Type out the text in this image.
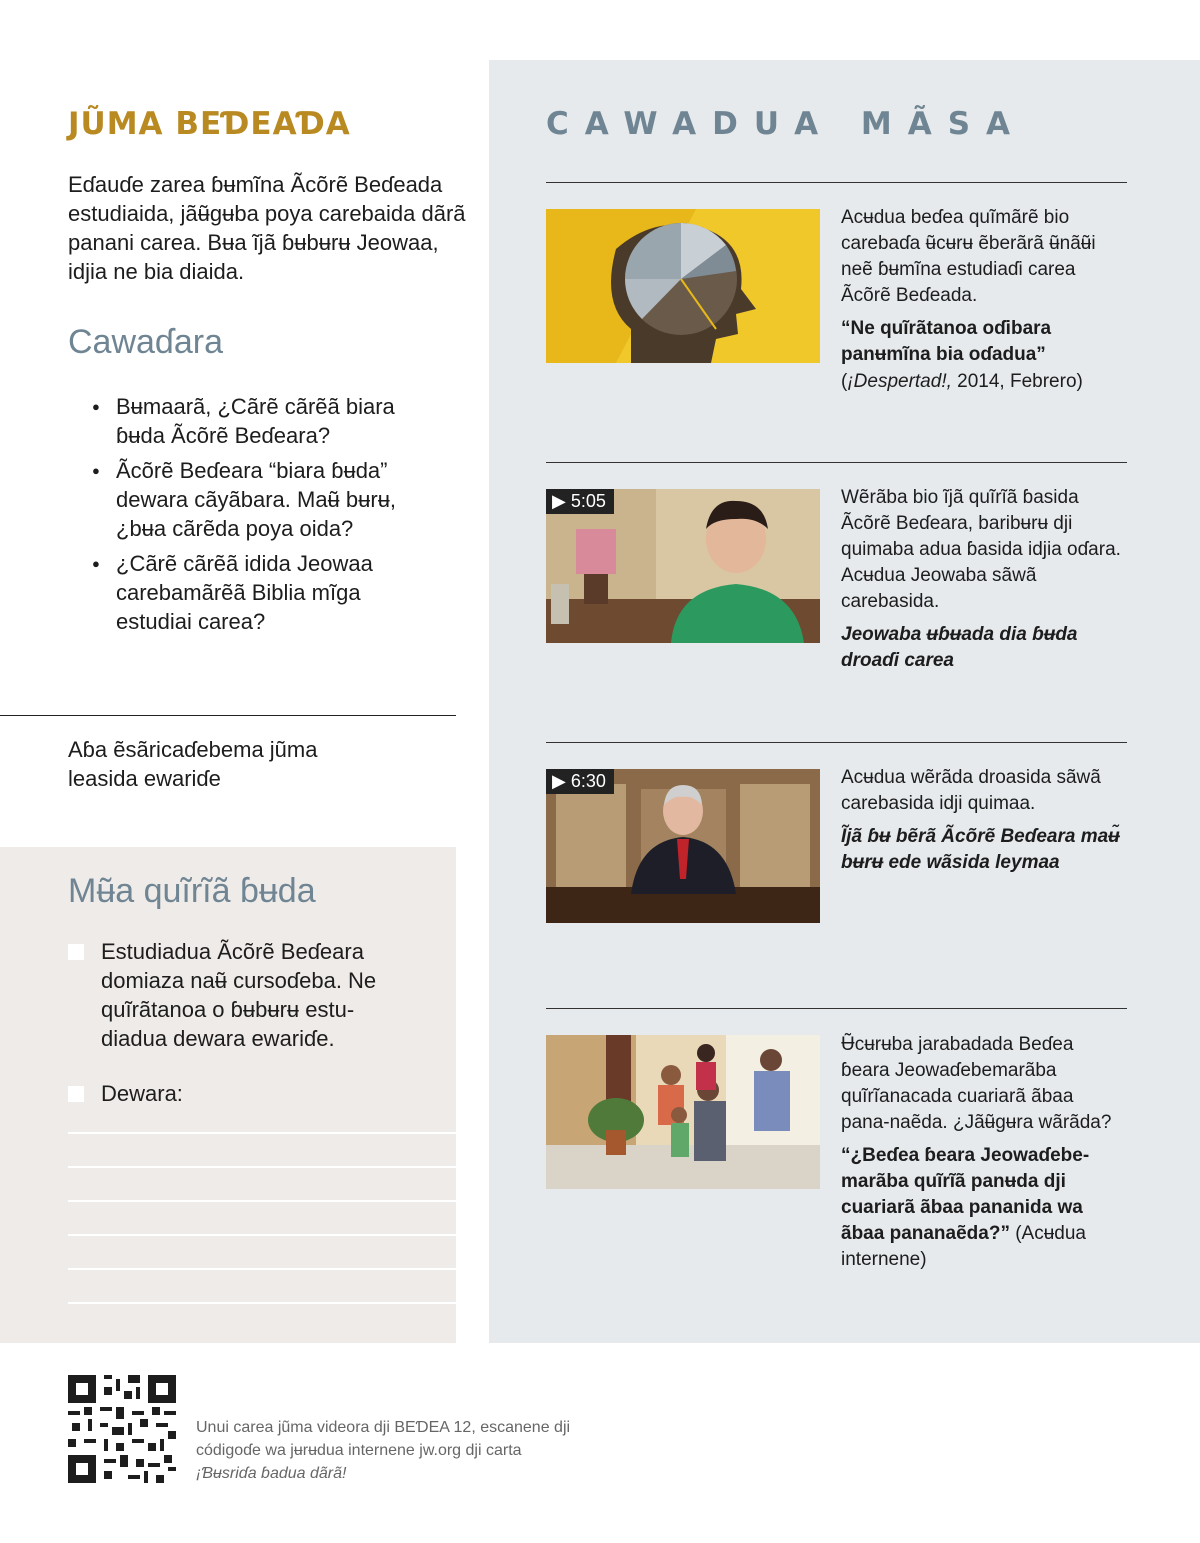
JŨMA BEƊEAƊA

Eɗauɗe zarea ɓʉmĩna Ãcõrẽ Beɗeada estudiaida, jãʉ̃gʉba poya carebaida dãrã panani carea. Bʉa ĩjã ɓʉbʉrʉ Jeowaa, idjia ne bia diaida.

Cawaɗara
● Bʉmaarã, ¿Cãrẽ cãrẽã biara ɓʉda Ãcõrẽ Beɗeara?
● Ãcõrẽ Beɗeara “biara ɓʉda” dewara cãyãbara. Maʉ̃ bʉrʉ, ¿bʉa cãrẽda poya oida?
● ¿Cãrẽ cãrẽã idida Jeowaa carebamãrẽã Biblia mĩga estudiai carea?

Aɓa ẽsãricaɗebema jũma leasida ewariɗe

Mʉ̃a quĩrĩã ɓʉda

Estudiadua Ãcõrẽ Beɗeara domiaza naʉ̃ cursoɗeba. Ne quĩrãtanoa o ɓʉbʉrʉ estu-diadua dewara ewariɗe.

Dewara:

CAWADUA MÃSA

Acʉdua beɗea quĩmãrẽ bio carebaɗa ʉ̃cʉrʉ ẽberãrã ʉ̃nãʉ̃i neẽ ɓʉmĩna estudiaɗi carea Ãcõrẽ Beɗeada.

“Ne quĩrãtanoa oɗibara panʉmĩna bia oɗadua”

(¡Despertad!, 2014, Febrero)

▶ 5:05	Wẽrãba bio ĩjã quĩrĩã ɓasida Ãcõrẽ Beɗeara, baribʉrʉ dji quimaba adua ɓasida idjia oɗara. Acʉdua Jeowaba sãwã carebasida.

Jeowaba ʉɓʉada dia ɓʉda droaɗi carea

▶ 6:30	Acʉdua wẽrãda droasida sãwã carebasida idji quimaa.

Ĩjã ɓʉ bẽrã Ãcõrẽ Beɗeara maʉ̃ bʉrʉ ede wãsida leymaa

Ʉ̃cʉrʉba jarabadada Beɗea ɓeara Jeowaɗebemarãba quĩrĩanacada cuariarã ãbaa pana-naẽda. ¿Jãʉ̃gʉra wãrãda?

“¿Beɗea ɓeara Jeowaɗebe-marãba quĩrĩã panʉda dji cuariarã ãbaa pananida wa ãbaa pananaẽda?” (Acʉdua internene)

Unui carea jũma videora dji BEƊEA 12, escanene dji códigoɗe wa jʉrʉdua internene jw.org dji carta
¡Ɓʉsriɗa ɓadua dãrã!
